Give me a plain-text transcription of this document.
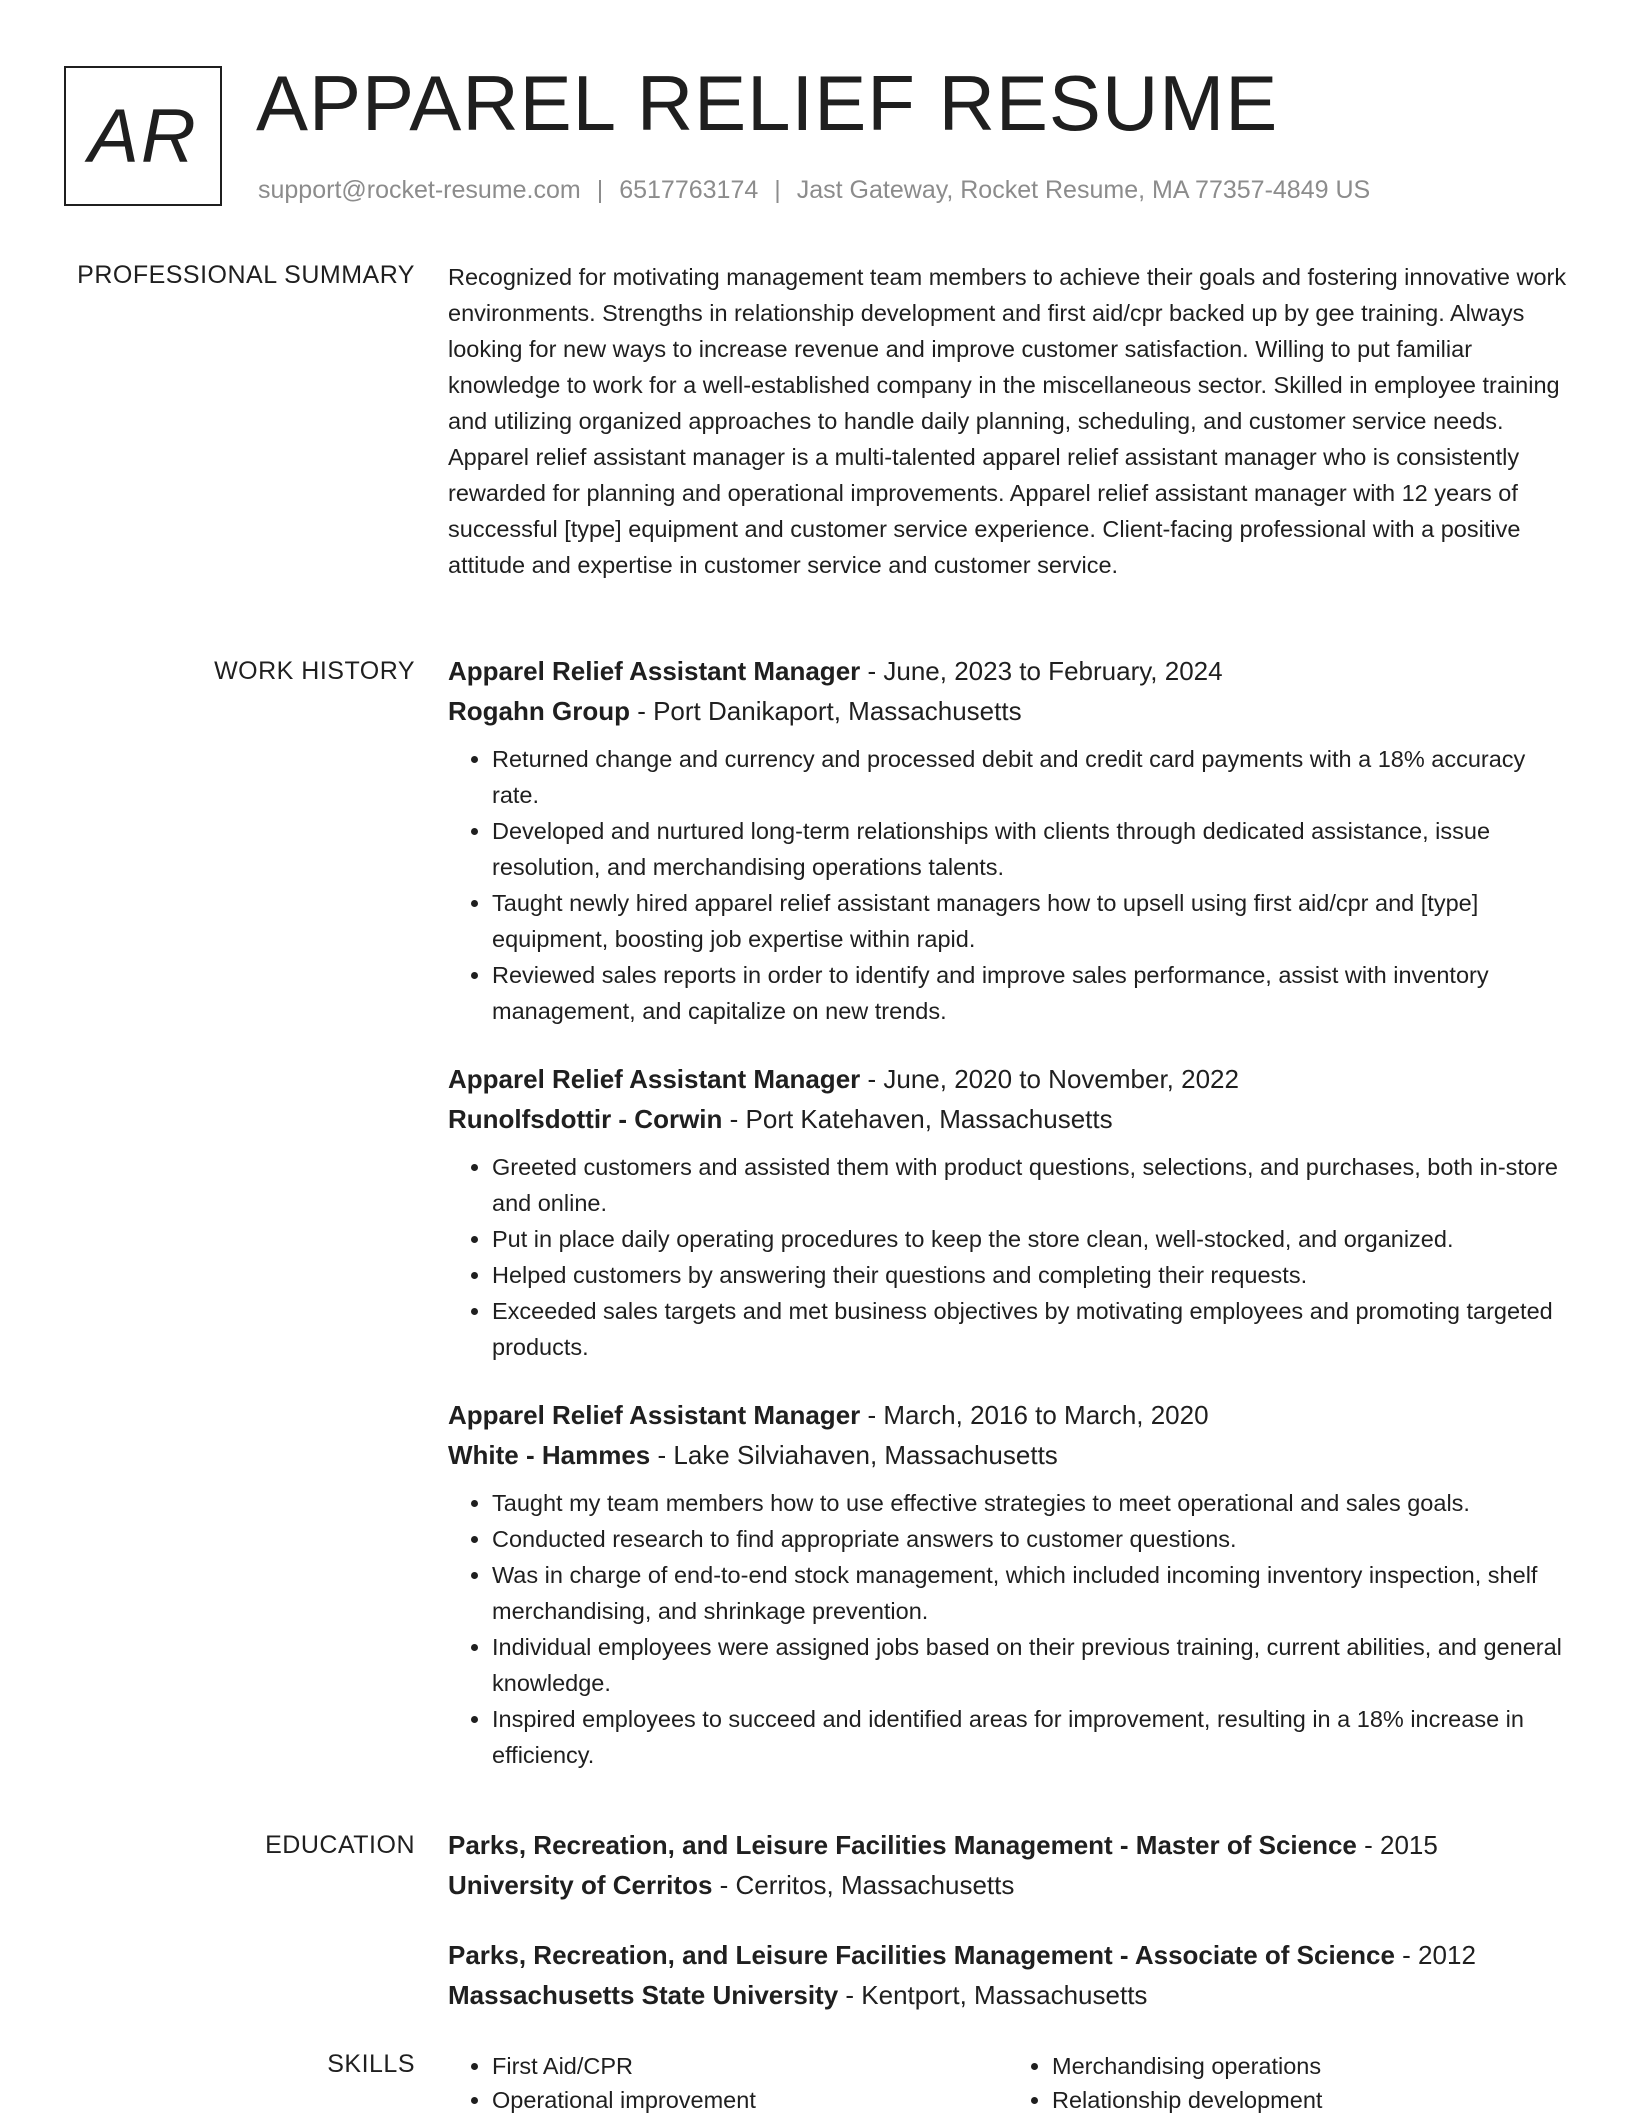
AR APPAREL RELIEF RESUME
support@rocket-resume.com | 6517763174 | Jast Gateway, Rocket Resume, MA 77357-4849 US
PROFESSIONAL SUMMARY Recognized for motivating management team members to achieve their goals and fostering innovative work environments. Strengths in relationship development and first aid/cpr backed up by gee training. Always looking for new ways to increase revenue and improve customer satisfaction. Willing to put familiar knowledge to work for a well-established company in the miscellaneous sector. Skilled in employee training and utilizing organized approaches to handle daily planning, scheduling, and customer service needs. Apparel relief assistant manager is a multi-talented apparel relief assistant manager who is consistently rewarded for planning and operational improvements. Apparel relief assistant manager with 12 years of successful [type] equipment and customer service experience. Client-facing professional with a positive attitude and expertise in customer service and customer service.

WORK HISTORY Apparel Relief Assistant Manager - June, 2023 to February, 2024
Rogahn Group - Port Danikaport, Massachusetts
• Returned change and currency and processed debit and credit card payments with a 18% accuracy rate.
• Developed and nurtured long-term relationships with clients through dedicated assistance, issue resolution, and merchandising operations talents.
• Taught newly hired apparel relief assistant managers how to upsell using first aid/cpr and [type] equipment, boosting job expertise within rapid.
• Reviewed sales reports in order to identify and improve sales performance, assist with inventory management, and capitalize on new trends.
Apparel Relief Assistant Manager - June, 2020 to November, 2022
Runolfsdottir - Corwin - Port Katehaven, Massachusetts
• Greeted customers and assisted them with product questions, selections, and purchases, both in-store and online.
• Put in place daily operating procedures to keep the store clean, well-stocked, and organized.
• Helped customers by answering their questions and completing their requests.
• Exceeded sales targets and met business objectives by motivating employees and promoting targeted products.
Apparel Relief Assistant Manager - March, 2016 to March, 2020
White - Hammes - Lake Silviahaven, Massachusetts
• Taught my team members how to use effective strategies to meet operational and sales goals.
• Conducted research to find appropriate answers to customer questions.
• Was in charge of end-to-end stock management, which included incoming inventory inspection, shelf merchandising, and shrinkage prevention.
• Individual employees were assigned jobs based on their previous training, current abilities, and general knowledge.
• Inspired employees to succeed and identified areas for improvement, resulting in a 18% increase in efficiency.
EDUCATION Parks, Recreation, and Leisure Facilities Management - Master of Science - 2015
University of Cerritos - Cerritos, Massachusetts
Parks, Recreation, and Leisure Facilities Management - Associate of Science - 2012
Massachusetts State University - Kentport, Massachusetts
SKILLS
•	First Aid/CPR
• Operational improvement
• Merchandising operations
• Relationship development
